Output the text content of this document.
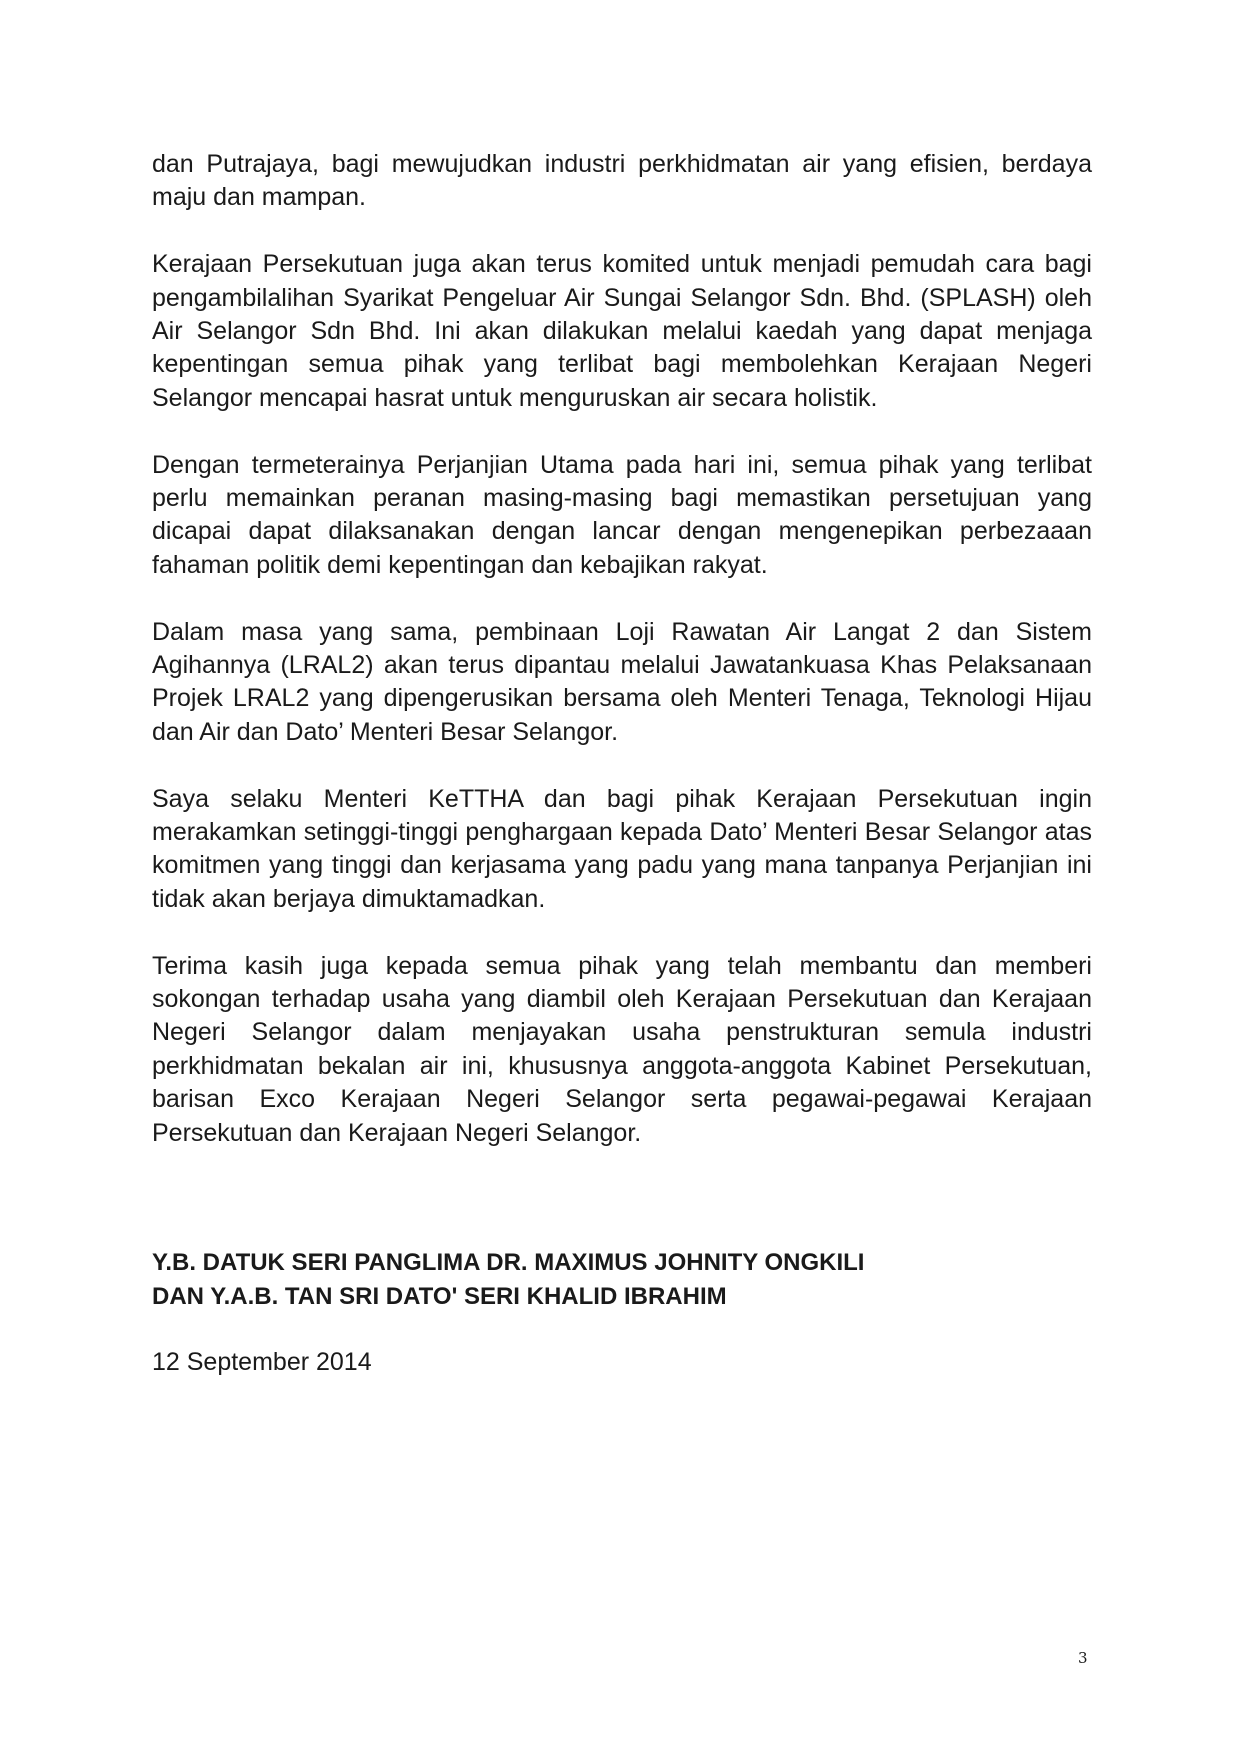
dan Putrajaya, bagi mewujudkan industri perkhidmatan air yang efisien, berdaya maju dan mampan.

Kerajaan Persekutuan juga akan terus komited untuk menjadi pemudah cara bagi pengambilalihan Syarikat Pengeluar Air Sungai Selangor Sdn. Bhd. (SPLASH) oleh Air Selangor Sdn Bhd. Ini akan dilakukan melalui kaedah yang dapat menjaga kepentingan semua pihak yang terlibat bagi membolehkan Kerajaan Negeri Selangor mencapai hasrat untuk menguruskan air secara holistik.

Dengan termeterainya Perjanjian Utama pada hari ini, semua pihak yang terlibat perlu memainkan peranan masing-masing bagi memastikan persetujuan yang dicapai dapat dilaksanakan dengan lancar dengan mengenepikan perbezaaan fahaman politik demi kepentingan dan kebajikan rakyat.

Dalam masa yang sama, pembinaan Loji Rawatan Air Langat 2 dan Sistem Agihannya (LRAL2) akan terus dipantau melalui Jawatankuasa Khas Pelaksanaan Projek LRAL2 yang dipengerusikan bersama oleh Menteri Tenaga, Teknologi Hijau dan Air dan Dato’ Menteri Besar Selangor.

Saya selaku Menteri KeTTHA dan bagi pihak Kerajaan Persekutuan ingin merakamkan setinggi-tinggi penghargaan kepada Dato’ Menteri Besar Selangor atas komitmen yang tinggi dan kerjasama yang padu yang mana tanpanya Perjanjian ini tidak akan berjaya dimuktamadkan.

Terima kasih juga kepada semua pihak yang telah membantu dan memberi sokongan terhadap usaha yang diambil oleh Kerajaan Persekutuan dan Kerajaan Negeri Selangor dalam menjayakan usaha penstrukturan semula industri perkhidmatan bekalan air ini, khususnya anggota-anggota Kabinet Persekutuan, barisan Exco Kerajaan Negeri Selangor serta pegawai-pegawai Kerajaan Persekutuan dan Kerajaan Negeri Selangor.

Y.B. DATUK SERI PANGLIMA DR. MAXIMUS JOHNITY ONGKILI

DAN Y.A.B. TAN SRI DATO' SERI KHALID IBRAHIM

12 September 2014

3
